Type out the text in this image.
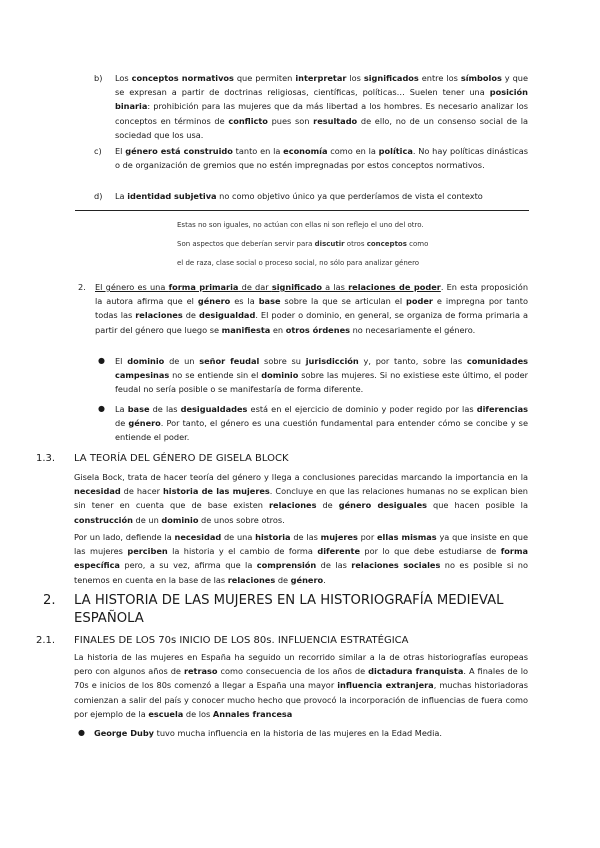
b) Los conceptos normativos que permiten interpretar los significados entre los símbolos y que se expresan a partir de doctrinas religiosas, científicas, políticas… Suelen tener una posición binaria: prohibición para las mujeres que da más libertad a los hombres. Es necesario analizar los conceptos en términos de conflicto pues son resultado de ello, no de un consenso social de la sociedad que los usa.

c) El género está construido tanto en la economía como en la política. No hay políticas dinásticas o de organización de gremios que no estén impregnadas por estos conceptos normativos.

d) La identidad subjetiva no como objetivo único ya que perderíamos de vista el contexto

Estas no son iguales, no actúan con ellas ni son reflejo el uno del otro.

Son aspectos que deberían servir para discutir otros conceptos como

el de raza, clase social o proceso social, no sólo para analizar género

2. El género es una forma primaria de dar significado a las relaciones de poder. En esta proposición la autora afirma que el género es la base sobre la que se articulan el poder e impregna por tanto todas las relaciones de desigualdad. El poder o dominio, en general, se organiza de forma primaria a partir del género que luego se manifiesta en otros órdenes no necesariamente el género.

● El dominio de un señor feudal sobre su jurisdicción y, por tanto, sobre las comunidades campesinas no se entiende sin el dominio sobre las mujeres. Si no existiese este último, el poder feudal no sería posible o se manifestaría de forma diferente.

● La base de las desigualdades está en el ejercicio de dominio y poder regido por las diferencias de género. Por tanto, el género es una cuestión fundamental para entender cómo se concibe y se entiende el poder.

1.3. LA TEORÍA DEL GÉNERO DE GISELA BLOCK

Gisela Bock, trata de hacer teoría del género y llega a conclusiones parecidas marcando la importancia en la necesidad de hacer historia de las mujeres. Concluye en que las relaciones humanas no se explican bien sin tener en cuenta que de base existen relaciones de género desiguales que hacen posible la construcción de un dominio de unos sobre otros.

Por un lado, defiende la necesidad de una historia de las mujeres por ellas mismas ya que insiste en que las mujeres perciben la historia y el cambio de forma diferente por lo que debe estudiarse de forma específica pero, a su vez, afirma que la comprensión de las relaciones sociales no es posible si no tenemos en cuenta en la base de las relaciones de género.

2. LA HISTORIA DE LAS MUJERES EN LA HISTORIOGRAFÍA MEDIEVAL ESPAÑOLA
2.1. FINALES DE LOS 70s INICIO DE LOS 80s. INFLUENCIA ESTRATÉGICA

La historia de las mujeres en España ha seguido un recorrido similar a la de otras historiografías europeas pero con algunos años de retraso como consecuencia de los años de dictadura franquista. A finales de lo 70s e inicios de los 80s comenzó a llegar a España una mayor influencia extranjera, muchas historiadoras comienzan a salir del país y conocer mucho hecho que provocó la incorporación de influencias de fuera como por ejemplo de la escuela de los Annales francesa

● George Duby tuvo mucha influencia en la historia de las mujeres en la Edad Media.
